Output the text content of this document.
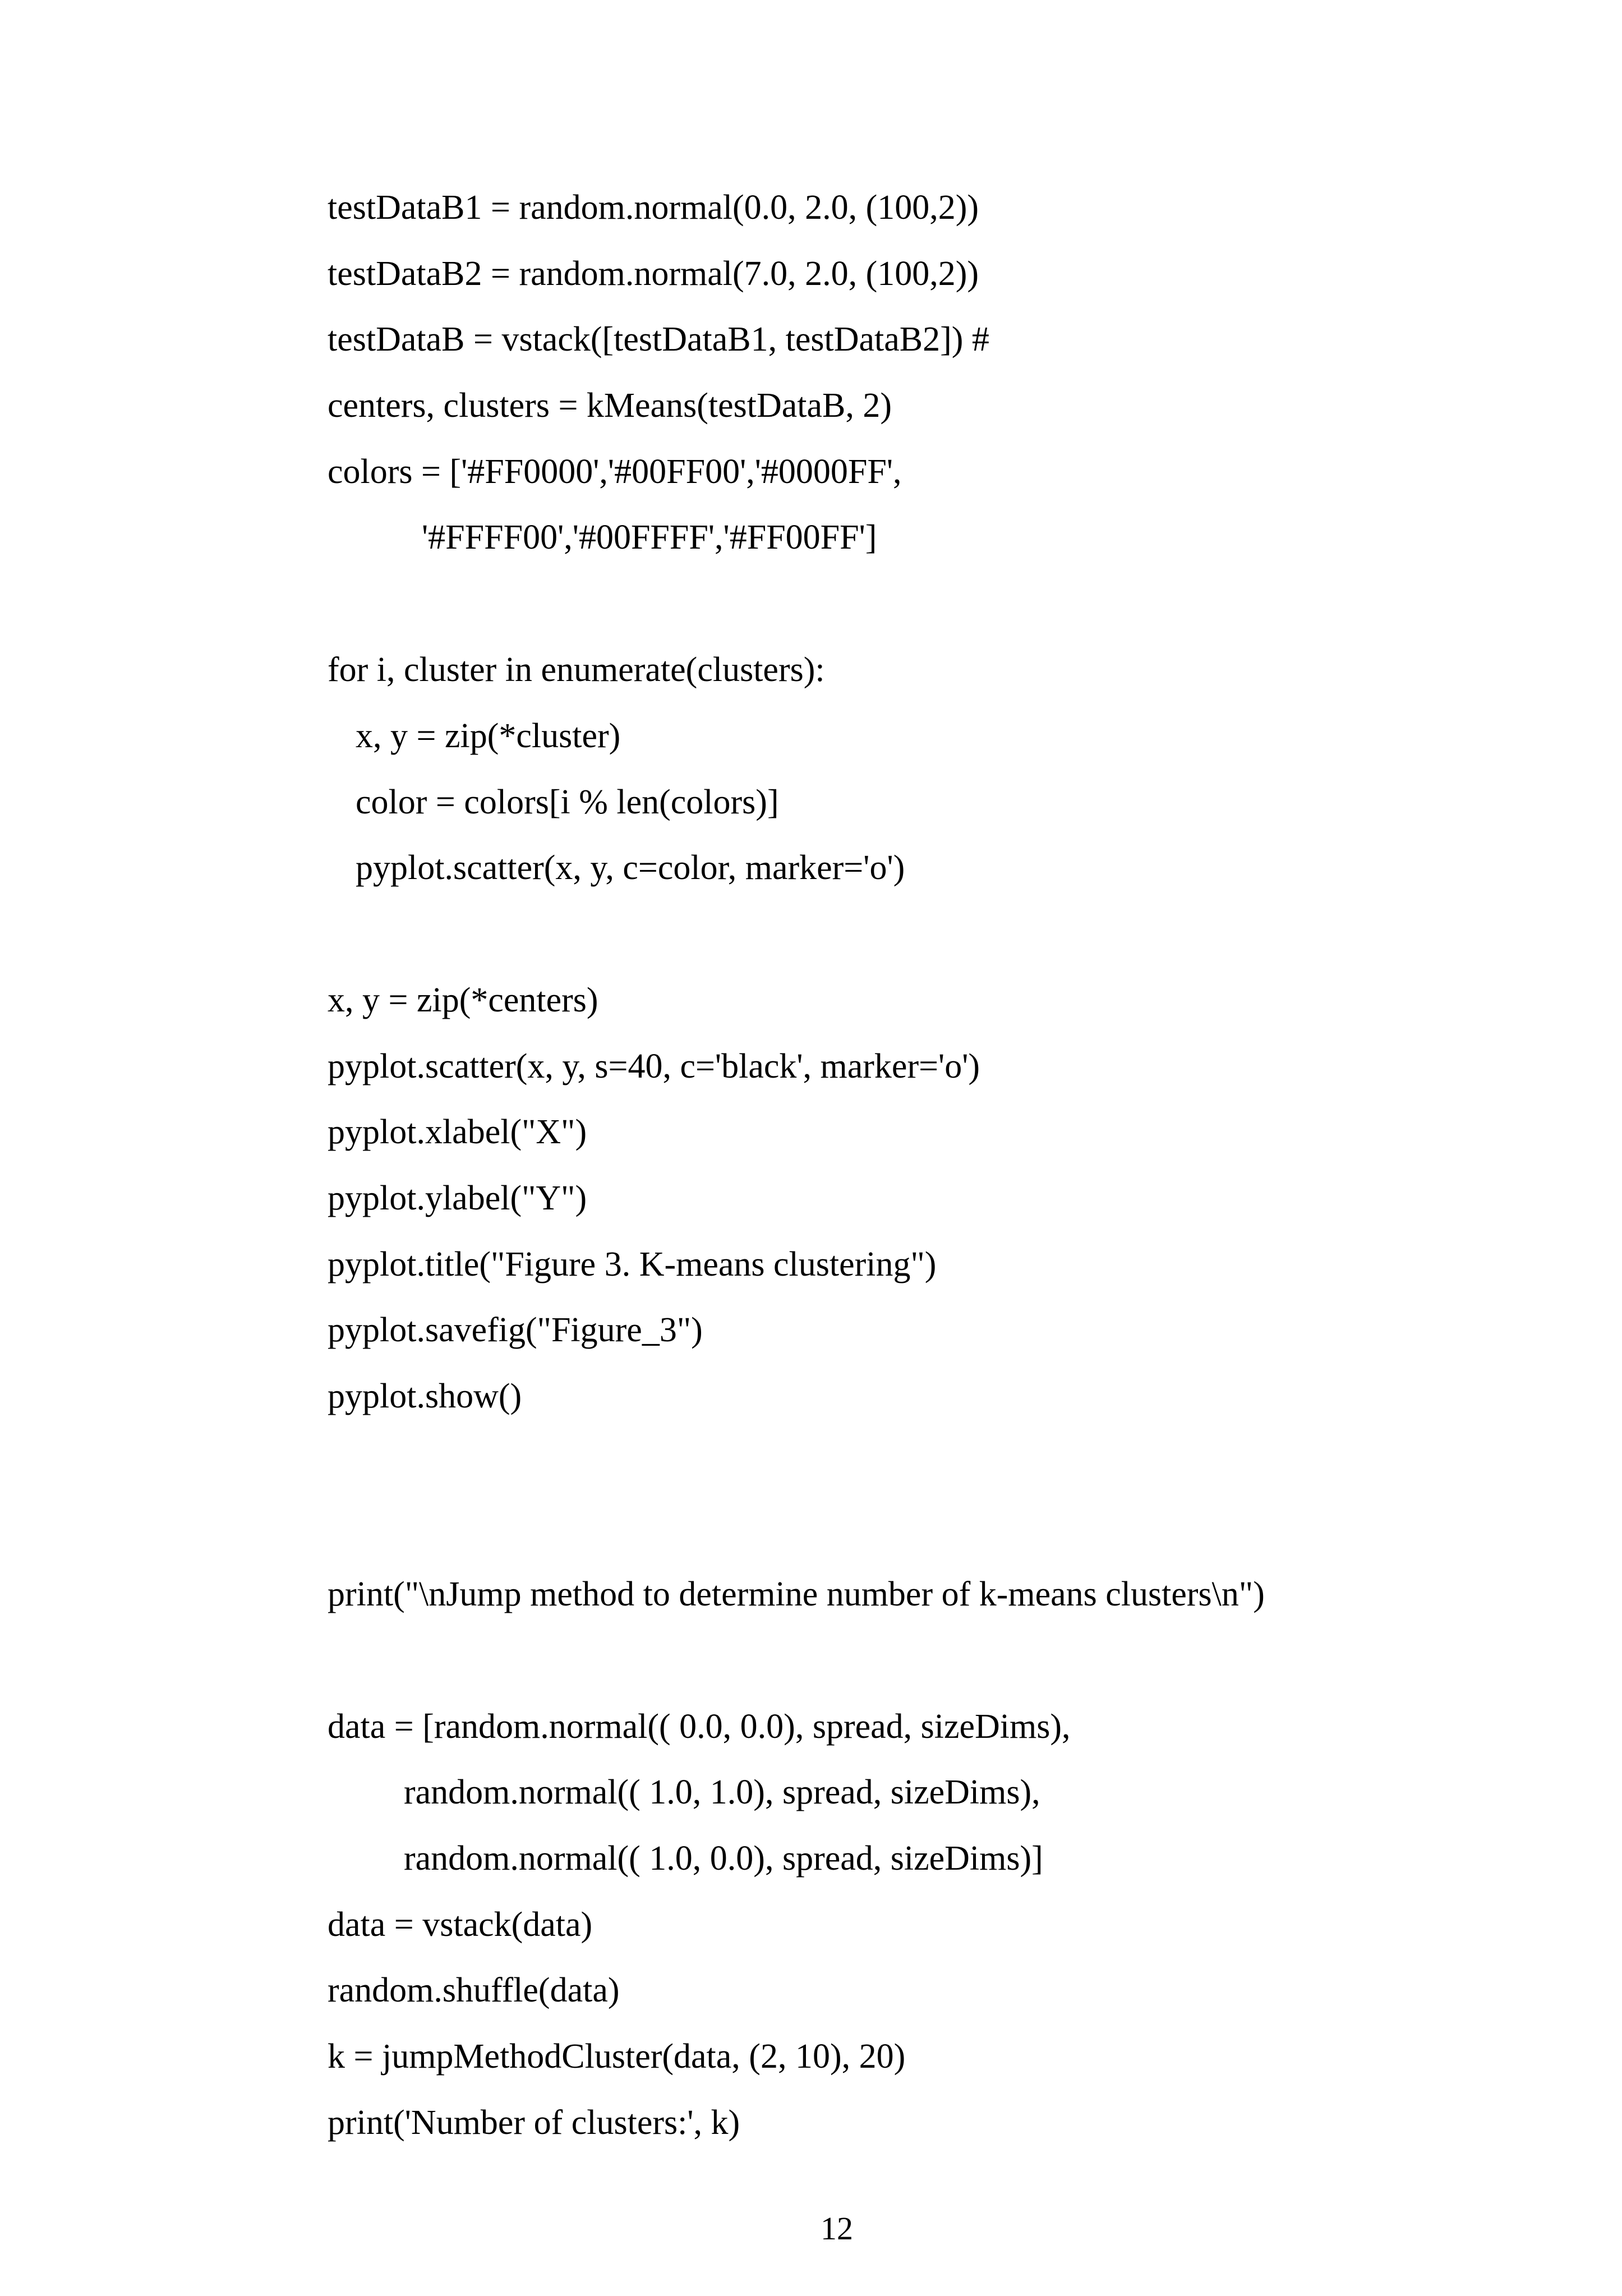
testDataB1 = random.normal(0.0, 2.0, (100,2))

testDataB2 = random.normal(7.0, 2.0, (100,2))

testDataB = vstack([testDataB1, testDataB2]) #

centers, clusters = kMeans(testDataB, 2)

colors = ['#FF0000','#00FF00','#0000FF',

'#FFFF00','#00FFFF','#FF00FF']

for i, cluster in enumerate(clusters):

x, y = zip(*cluster)

color = colors[i % len(colors)]

pyplot.scatter(x, y, c=color, marker='o')

x, y = zip(*centers)

pyplot.scatter(x, y, s=40, c='black', marker='o')

pyplot.xlabel("X")

pyplot.ylabel("Y")

pyplot.title("Figure 3. K-means clustering")

pyplot.savefig("Figure_3")

pyplot.show()

print("\nJump method to determine number of k-means clusters\n")

data = [random.normal(( 0.0, 0.0), spread, sizeDims),

random.normal(( 1.0, 1.0), spread, sizeDims),

random.normal(( 1.0, 0.0), spread, sizeDims)]

data = vstack(data)

random.shuffle(data)

k = jumpMethodCluster(data, (2, 10), 20)

print('Number of clusters:', k)

12
